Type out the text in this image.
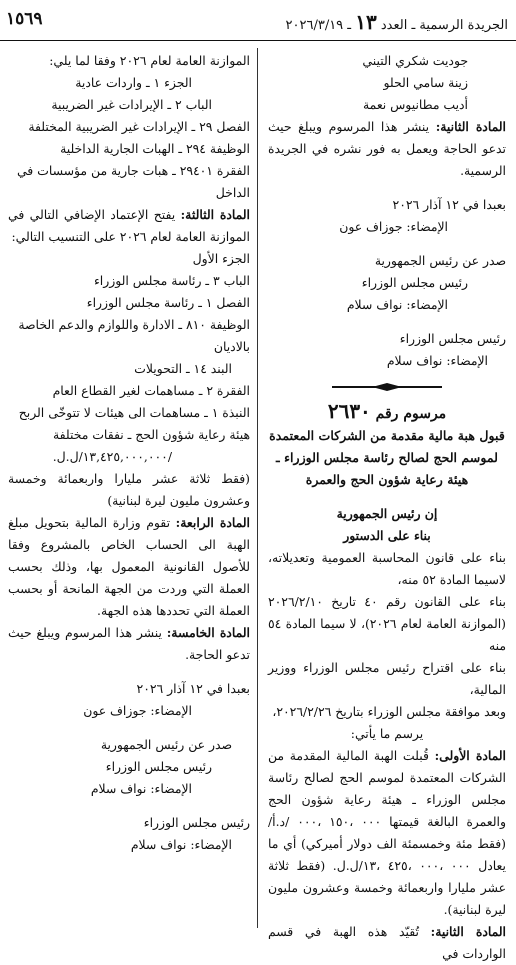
١٥٦٩	الجريدة الرسمية ـ العدد ١٣ ـ ٢٠٢٦/٣/١٩

جوديت شكري التيني

زينة سامي الحلو

أديب مطانيوس نعمة

المادة الثانية: ينشر هذا المرسوم ويبلغ حيث تدعو الحاجة ويعمل به فور نشره في الجريدة الرسمية.

بعبدا في ١٢ آذار ٢٠٢٦

الإمضاء: جوزاف عون

صدر عن رئيس الجمهورية

رئيس مجلس الوزراء

الإمضاء: نواف سلام

رئيس مجلس الوزراء

الإمضاء: نواف سلام

مرسوم رقم ٢٦٣٠

قبول هبة مالية مقدمة من الشركات المعتمدة لموسم الحج لصالح رئاسة مجلس الوزراء ـ هيئة رعاية شؤون الحج والعمرة

إن رئيس الجمهورية

بناء على الدستور

بناء على قانون المحاسبة العمومية وتعديلاته، لاسيما المادة ٥٢ منه،

بناء على القانون رقم ٤٠ تاريخ ٢٠٢٦/٢/١٠ (الموازنة العامة لعام ٢٠٢٦)، لا سيما المادة ٥٤ منه

بناء على اقتراح رئيس مجلس الوزراء ووزير المالية،

وبعد موافقة مجلس الوزراء بتاريخ ٢٠٢٦/٢/٢٦،

يرسم ما يأتي:

المادة الأولى: قُبلت الهبة المالية المقدمة من الشركات المعتمدة لموسم الحج لصالح رئاسة مجلس الوزراء ـ هيئة رعاية شؤون الحج والعمرة البالغة قيمتها ٠٠٠ ،١٥٠ ،٠٠٠ /د.أ/ (فقط مئة وخمسمئة الف دولار أميركي) أي ما يعادل ٠٠٠ ،٠٠٠ ،٤٢٥ ،١٣/ل.ل. (فقط ثلاثة عشر مليارا واربعمائة وخمسة وعشرون مليون ليرة لبنانية).

المادة الثانية: تُقيّد هذه الهبة في قسم الواردات في

الموازنة العامة لعام ٢٠٢٦ وفقا لما يلي:

الجزء ١ ـ واردات عادية

الباب ٢ ـ الإيرادات غير الضريبية

الفصل ٢٩ ـ الإيرادات غير الضريبية المختلفة

الوظيفة ٢٩٤ ـ الهبات الجارية الداخلية

الفقرة ٢٩٤٠١ ـ هبات جارية من مؤسسات في الداخل

المادة الثالثة: يفتح الإعتماد الإضافي التالي في الموازنة العامة لعام ٢٠٢٦ على التنسيب التالي:

الجزء الأول

الباب ٣ ـ رئاسة مجلس الوزراء

الفصل ١ ـ رئاسة مجلس الوزراء

الوظيفة ٨١٠ ـ الادارة واللوازم والدعم الخاصة بالاديان

البند ١٤ ـ التحويلات

الفقرة ٢ ـ مساهمات لغير القطاع العام

النبذة ١ ـ مساهمات الى هيئات لا تتوخّى الربح

هيئة رعاية شؤون الحج ـ نفقات مختلفة

/١٣,٤٢٥,٠٠٠,٠٠٠/ل.ل.

(فقط ثلاثة عشر مليارا واربعمائة وخمسة وعشرون مليون ليرة لبنانية)

المادة الرابعة: تقوم وزارة المالية بتحويل مبلغ الهبة الى الحساب الخاص بالمشروع وفقا للأصول القانونية المعمول بها، وذلك بحسب العملة التي وردت من الجهة المانحة أو بحسب العملة التي تحددها هذه الجهة.

المادة الخامسة: ينشر هذا المرسوم ويبلغ حيث تدعو الحاجة.

بعبدا في ١٢ آذار ٢٠٢٦

الإمضاء: جوزاف عون

صدر عن رئيس الجمهورية

رئيس مجلس الوزراء

الإمضاء: نواف سلام

رئيس مجلس الوزراء

الإمضاء: نواف سلام
